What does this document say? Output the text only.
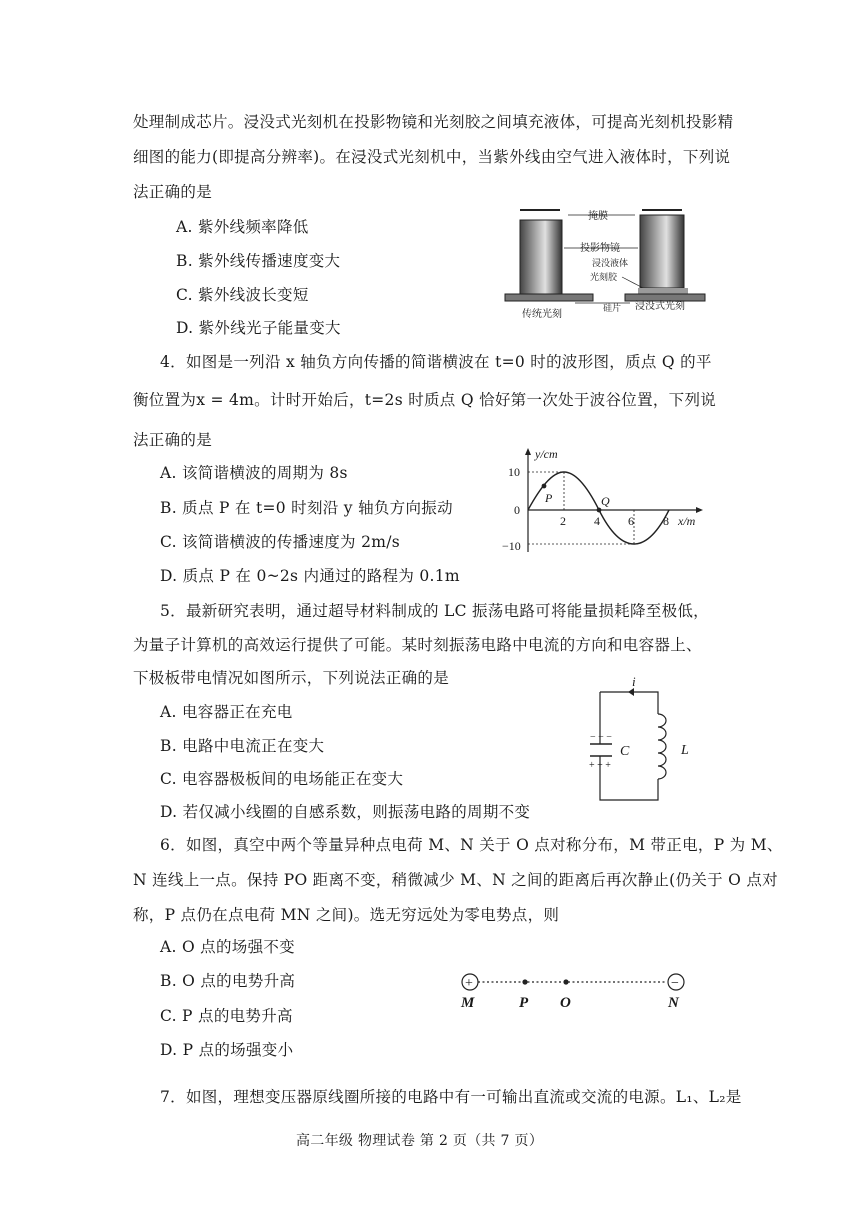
处理制成芯片。浸没式光刻机在投影物镜和光刻胶之间填充液体，可提高光刻机投影精
细图的能力(即提高分辨率)。在浸没式光刻机中，当紫外线由空气进入液体时，下列说
法正确的是
A. 紫外线频率降低
B. 紫外线传播速度变大
C. 紫外线波长变短
D. 紫外线光子能量变大
掩膜
投影物镜
浸没液体
光刻胶
硅片
传统光刻
浸没式光刻
4．如图是一列沿 x 轴负方向传播的简谐横波在 t=0 时的波形图，质点 Q 的平
衡位置为x = 4m。计时开始后，t=2s 时质点 Q 恰好第一次处于波谷位置，下列说
法正确的是
A. 该简谐横波的周期为 8s
B. 质点 P 在 t=0 时刻沿 y 轴负方向振动
C. 该简谐横波的传播速度为 2m/s
D. 质点 P 在 0~2s 内通过的路程为 0.1m
y/cm
x/m
10
0
−10
2 4 6 8
P	Q
5．最新研究表明，通过超导材料制成的 LC 振荡电路可将能量损耗降至极低，
为量子计算机的高效运行提供了可能。某时刻振荡电路中电流的方向和电容器上、
下极板带电情况如图所示，下列说法正确的是
A. 电容器正在充电
B. 电路中电流正在变大
C. 电容器极板间的电场能正在变大
D. 若仅减小线圈的自感系数，则振荡电路的周期不变
i
− − −
+ + +
C	L
6．如图，真空中两个等量异种点电荷 M、N 关于 O 点对称分布，M 带正电，P 为 M、
N 连线上一点。保持 PO 距离不变，稍微减少 M、N 之间的距离后再次静止(仍关于 O 点对
称，P 点仍在点电荷 MN 之间)。选无穷远处为零电势点，则
A. O 点的场强不变
B. O 点的电势升高
C. P 点的电势升高
D. P 点的场强变小
+	−
M	P O	N
7．如图，理想变压器原线圈所接的电路中有一可输出直流或交流的电源。L₁、L₂是
高二年级 物理试卷 第 2 页（共 7 页）
